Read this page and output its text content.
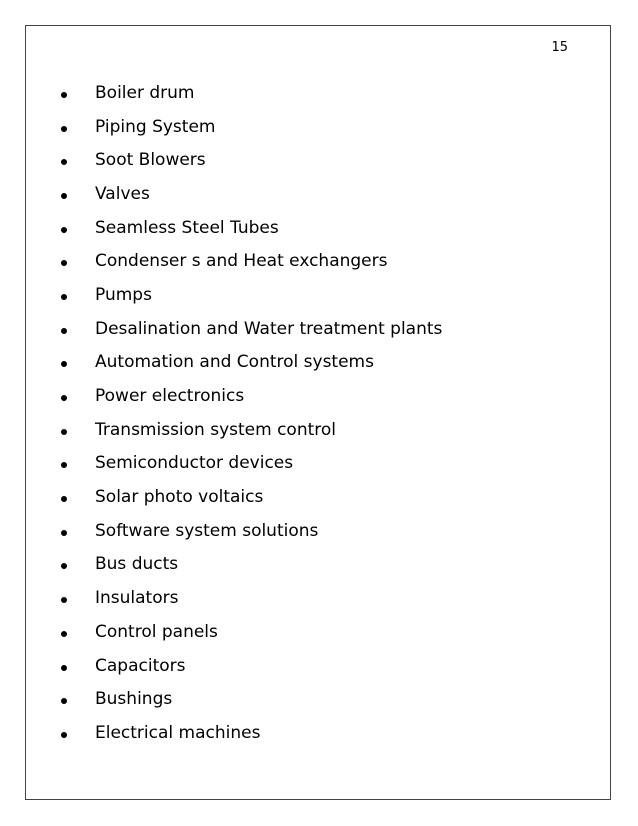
15
Boiler drum
Piping System
Soot Blowers
Valves
Seamless Steel Tubes
Condenser s and Heat exchangers
Pumps
Desalination and Water treatment plants
Automation and Control systems
Power electronics
Transmission system control
Semiconductor devices
Solar photo voltaics
Software system solutions
Bus ducts
Insulators
Control panels
Capacitors
Bushings
Electrical machines
